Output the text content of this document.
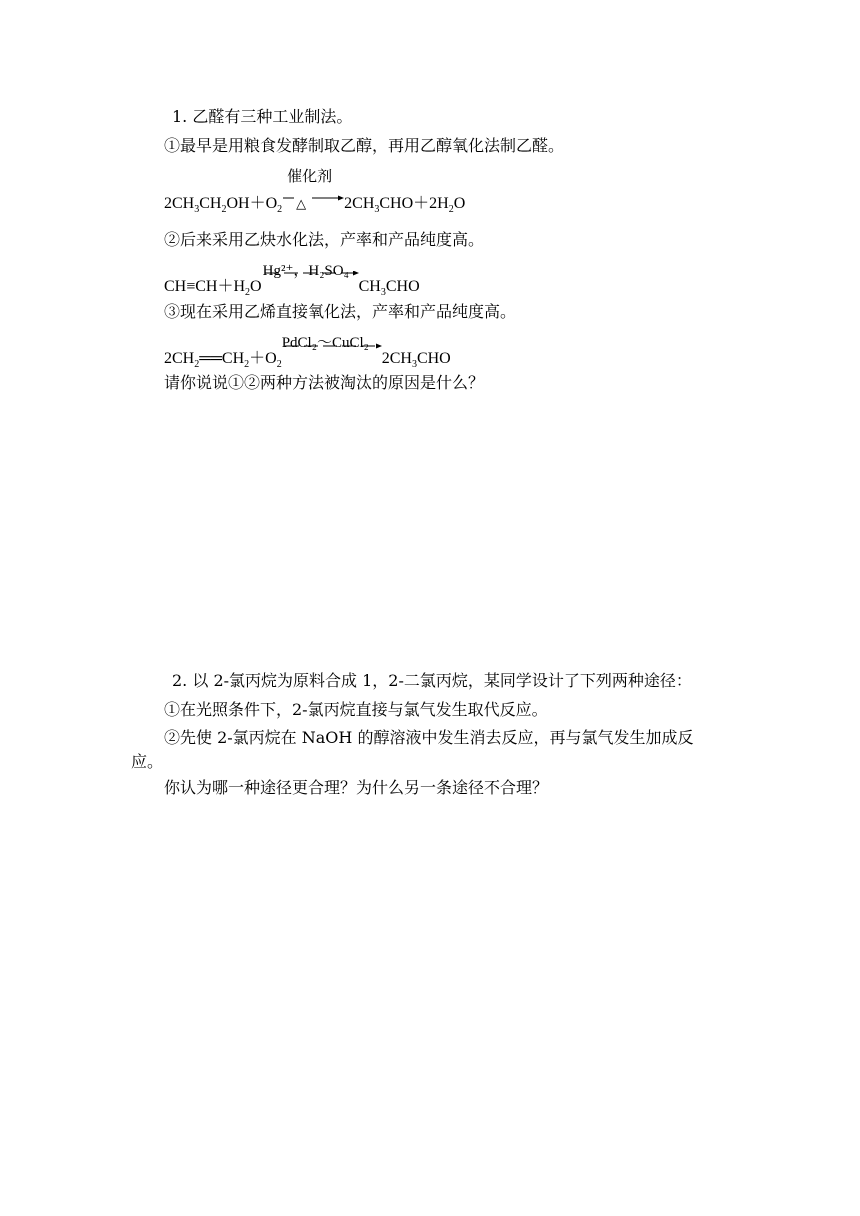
1. 乙醛有三种工业制法。
①最早是用粮食发酵制取乙醇，再用乙醇氧化法制乙醛。
$2CH_3CH_2OH+O_2$
催化剂
△ $2CH_3CHO+2H_2O$
②后来采用乙炔水化法，产率和产品纯度高。
$CH\equiv CH+H_2O$
Hg²⁺，H₂SO₄
$CH_3CHO$
③现在采用乙烯直接氧化法，产率和产品纯度高。
$2CH_2══CH_2+O_2$
PdCl₂～CuCl₂
$2CH_3CHO$
请你说说①②两种方法被淘汰的原因是什么？
2. 以 2-氯丙烷为原料合成 1，2-二氯丙烷，某同学设计了下列两种途径：
①在光照条件下，2-氯丙烷直接与氯气发生取代反应。
②先使 2-氯丙烷在 NaOH 的醇溶液中发生消去反应，再与氯气发生加成反
应。
你认为哪一种途径更合理？为什么另一条途径不合理？
